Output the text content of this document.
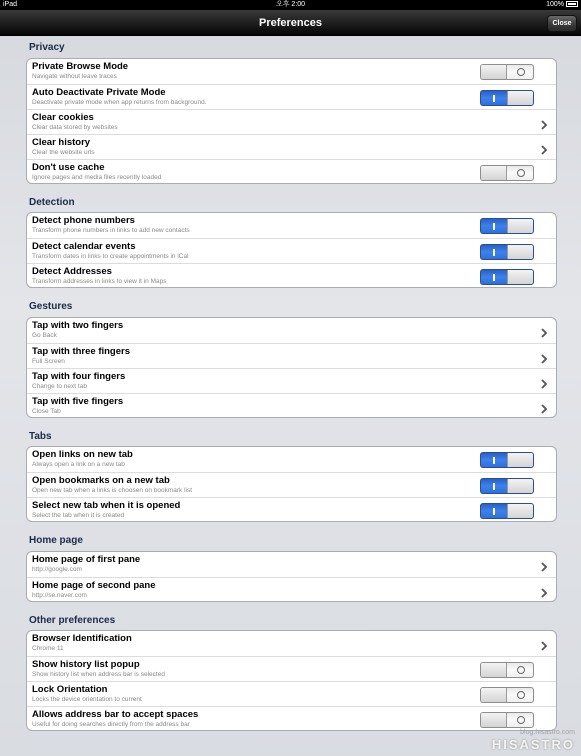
iPad	오후 2:00	100%
Preferences	Close
Privacy
Private Browse Mode
Navigate without leave traces
Auto Deactivate Private Mode
Deactivate private mode when app returns from background.
Clear cookies
Clear data stored by websites
Clear history
Clear the website urls
Don't use cache
Ignore pages and media files recently loaded
Detection
Detect phone numbers
Transform phone numbers in links to add new contacts
Detect calendar events
Transform dates in links to create appointments in iCal
Detect Addresses
Transform addresses in links to view it in Maps
Gestures
Tap with two fingers
Go Back
Tap with three fingers
Full Screen
Tap with four fingers
Change to next tab
Tap with five fingers
Close Tab
Tabs
Open links on new tab
Always open a link on a new tab
Open bookmarks on a new tab
Open new tab when a links is choosen on bookmark list
Select new tab when it is opened
Select the tab when it is created
Home page
Home page of first pane
http://google.com
Home page of second pane
http://se.naver.com
Other preferences
Browser Identification
Chrome 11
Show history list popup
Show history list when address bar is selected
Lock Orientation
Locks the device orientation to current
Allows address bar to accept spaces
Useful for doing searches directly from the address bar
blog.hisastro.com
HISASTRO
